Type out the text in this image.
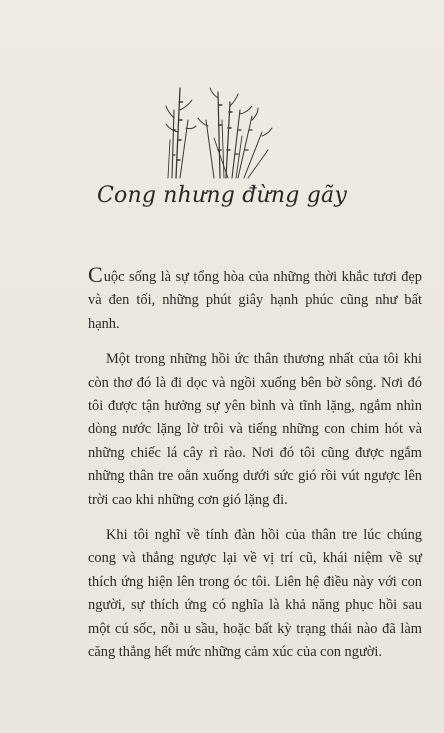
Cong nhưng đừng gãy

Cuộc sống là sự tổng hòa của những thời khắc tươi đẹp và đen tối, những phút giây hạnh phúc cũng như bất hạnh.

Một trong những hồi ức thân thương nhất của tôi khi còn thơ đó là đi dọc và ngồi xuống bên bờ sông. Nơi đó tôi được tận hưởng sự yên bình và tĩnh lặng, ngắm nhìn dòng nước lặng lờ trôi và tiếng những con chim hót và những chiếc lá cây rì rào. Nơi đó tôi cũng được ngắm những thân tre oằn xuống dưới sức gió rồi vút ngược lên trời cao khi những cơn gió lặng đi.

Khi tôi nghĩ về tính đàn hồi của thân tre lúc chúng cong và thẳng ngược lại về vị trí cũ, khái niệm về sự thích ứng hiện lên trong óc tôi. Liên hệ điều này với con người, sự thích ứng có nghĩa là khả năng phục hồi sau một cú sốc, nỗi u sầu, hoặc bất kỳ trạng thái nào đã làm căng thẳng hết mức những cảm xúc của con người.
